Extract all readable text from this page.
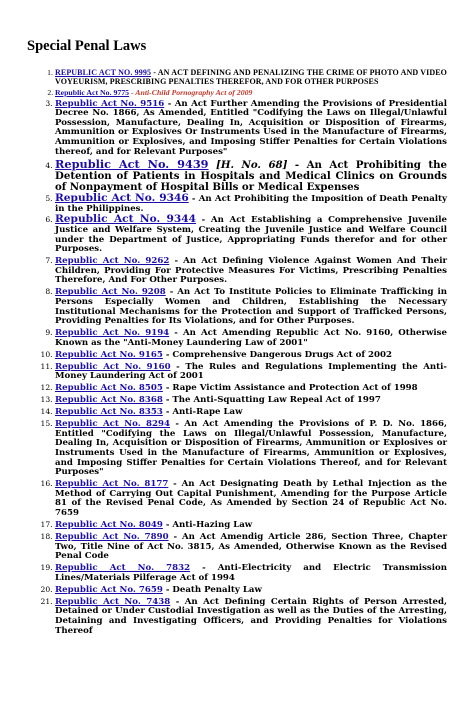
Special Penal Laws
1. REPUBLIC ACT NO. 9995 - AN ACT DEFINING AND PENALIZING THE CRIME OF PHOTO AND VIDEO VOYEURISM, PRESCRIBING PENALTIES THEREFOR, AND FOR OTHER PURPOSES
2. Republic Act No. 9775 - Anti-Child Pornography Act of 2009
3. Republic Act No. 9516 - An Act Further Amending the Provisions of Presidential Decree No. 1866, As Amended, Entitled "Codifying the Laws on Illegal/Unlawful Possession, Manufacture, Dealing In, Acquisition or Disposition of Firearms, Ammunition or Explosives Or Instruments Used in the Manufacture of Firearms, Ammunition or Explosives, and Imposing Stiffer Penalties for Certain Violations thereof, and for Relevant Purposes"
4. Republic Act No. 9439 [H. No. 68] - An Act Prohibiting the Detention of Patients in Hospitals and Medical Clinics on Grounds of Nonpayment of Hospital Bills or Medical Expenses
5. Republic Act No. 9346 - An Act Prohibiting the Imposition of Death Penalty in the Philippines.
6. Republic Act No. 9344 - An Act Establishing a Comprehensive Juvenile Justice and Welfare System, Creating the Juvenile Justice and Welfare Council under the Department of Justice, Appropriating Funds therefor and for other Purposes.
7. Republic Act No. 9262 - An Act Defining Violence Against Women And Their Children, Providing For Protective Measures For Victims, Prescribing Penalties Therefore, And For Other Purposes.
8. Republic Act No. 9208 - An Act To Institute Policies to Eliminate Trafficking in Persons Especially Women and Children, Establishing the Necessary Institutional Mechanisms for the Protection and Support of Trafficked Persons, Providing Penalties for Its Violations, and for Other Purposes.
9. Republic Act No. 9194 - An Act Amending Republic Act No. 9160, Otherwise Known as the "Anti-Money Laundering Law of 2001"
10. Republic Act No. 9165 - Comprehensive Dangerous Drugs Act of 2002
11. Republic Act No. 9160 - The Rules and Regulations Implementing the Anti-Money Laundering Act of 2001
12. Republic Act No. 8505 - Rape Victim Assistance and Protection Act of 1998
13. Republic Act No. 8368 - The Anti-Squatting Law Repeal Act of 1997
14. Republic Act No. 8353 - Anti-Rape Law
15. Republic Act No. 8294 - An Act Amending the Provisions of P. D. No. 1866, Entitled "Codifying the Laws on Illegal/Unlawful Possession, Manufacture, Dealing In, Acquisition or Disposition of Firearms, Ammunition or Explosives or Instruments Used in the Manufacture of Firearms, Ammunition or Explosives, and Imposing Stiffer Penalties for Certain Violations Thereof, and for Relevant Purposes"
16. Republic Act No. 8177 - An Act Designating Death by Lethal Injection as the Method of Carrying Out Capital Punishment, Amending for the Purpose Article 81 of the Revised Penal Code, As Amended by Section 24 of Republic Act No. 7659
17. Republic Act No. 8049 - Anti-Hazing Law
18. Republic Act No. 7890 - An Act Amendig Article 286, Section Three, Chapter Two, Title Nine of Act No. 3815, As Amended, Otherwise Known as the Revised Penal Code
19. Republic Act No. 7832 - Anti-Electricity and Electric Transmission Lines/Materials Pilferage Act of 1994
20. Republic Act No. 7659 - Death Penalty Law
21. Republic Act No. 7438 - An Act Defining Certain Rights of Person Arrested, Detained or Under Custodial Investigation as well as the Duties of the Arresting, Detaining and Investigating Officers, and Providing Penalties for Violations Thereof
